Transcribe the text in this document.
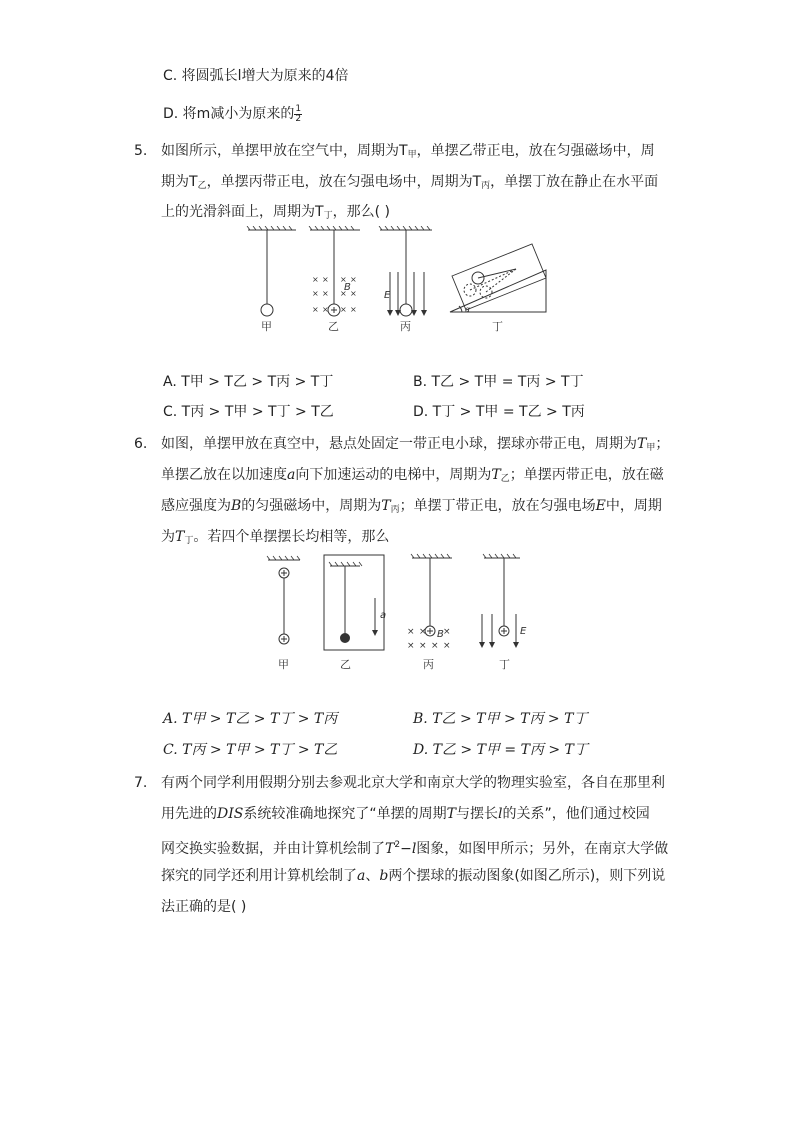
C. 将圆弧长l增大为原来的4倍
D. 将m减小为原来的 $\frac{1}{2}$
5. 如图所示，单摆甲放在空气中，周期为$T_甲$，单摆乙带正电，放在匀强磁场中，周
期为$T_乙$，单摆丙带正电，放在匀强电场中，周期为$T_丙$，单摆丁放在静止在水平面
上的光滑斜面上，周期为$T_丁$，那么( )
× × × ×
× × × ×
× × × ×
B
E
α
甲	乙	丙	丁
A. T甲 > T乙 > T丙 > T丁	B. T乙 > T甲 = T丙 > T丁
C. T丙 > T甲 > T丁 > T乙	D. T丁 > T甲 = T乙 > T丙
6. 如图，单摆甲放在真空中，悬点处固定一带正电小球，摆球亦带正电，周期为$T_甲$；
单摆乙放在以加速度a向下加速运动的电梯中，周期为$T_乙$；单摆丙带正电，放在磁
感应强度为B的匀强磁场中，周期为$T_丙$；单摆丁带正电，放在匀强电场E中，周期
为$T_丁$。若四个单摆摆长均相等，那么
× × ×
× × × ×
a
B	E
甲	乙	丙	丁
A. T甲 > T乙 > T丁 > T丙	B. T乙 > T甲 > T丙 > T丁
C. T丙 > T甲 > T丁 > T乙	D. T乙 > T甲 = T丙 > T丁
7. 有两个同学利用假期分别去参观北京大学和南京大学的物理实验室，各自在那里利
用先进的DIS系统较准确地探究了“单摆的周期T与摆长l的关系”，他们通过校园
网交换实验数据，并由计算机绘制了$T^2-l$图象，如图甲所示；另外，在南京大学做
探究的同学还利用计算机绘制了a、b两个摆球的振动图象(如图乙所示)，则下列说
法正确的是( )
